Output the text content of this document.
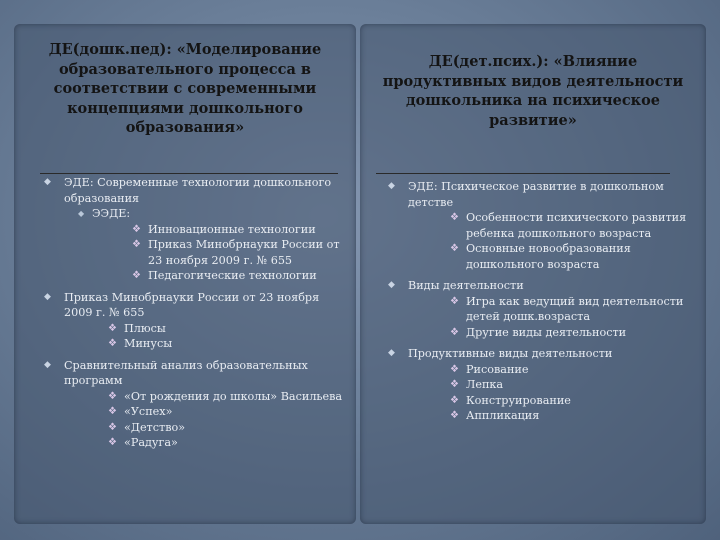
ДЕ(дошк.пед): «Моделирование образовательного процесса в соответствии с современными концепциями дошкольного образования»
◆ ЭДЕ: Современные технологии дошкольного образования
◆ ЭЭДЕ:
❖ Инновационные технологии
❖ Приказ Минобрнауки России от 23 ноября 2009 г. № 655
❖ Педагогические технологии
◆ Приказ Минобрнауки России от 23 ноября 2009 г. № 655
❖ Плюсы
❖ Минусы
◆ Сравнительный анализ образовательных программ
❖ «От рождения до школы» Васильева
❖ «Успех»
❖ «Детство»
❖ «Радуга»
ДЕ(дет.псих.): «Влияние продуктивных видов деятельности дошкольника на психическое развитие»
◆ ЭДЕ: Психическое развитие в дошкольном детстве
❖ Особенности психического развития ребенка дошкольного возраста
❖ Основные новообразования дошкольного возраста
◆ Виды деятельности
❖ Игра как ведущий вид деятельности детей дошк.возраста
❖ Другие виды деятельности
◆ Продуктивные виды деятельности
❖ Рисование
❖ Лепка
❖ Конструирование
❖ Аппликация
